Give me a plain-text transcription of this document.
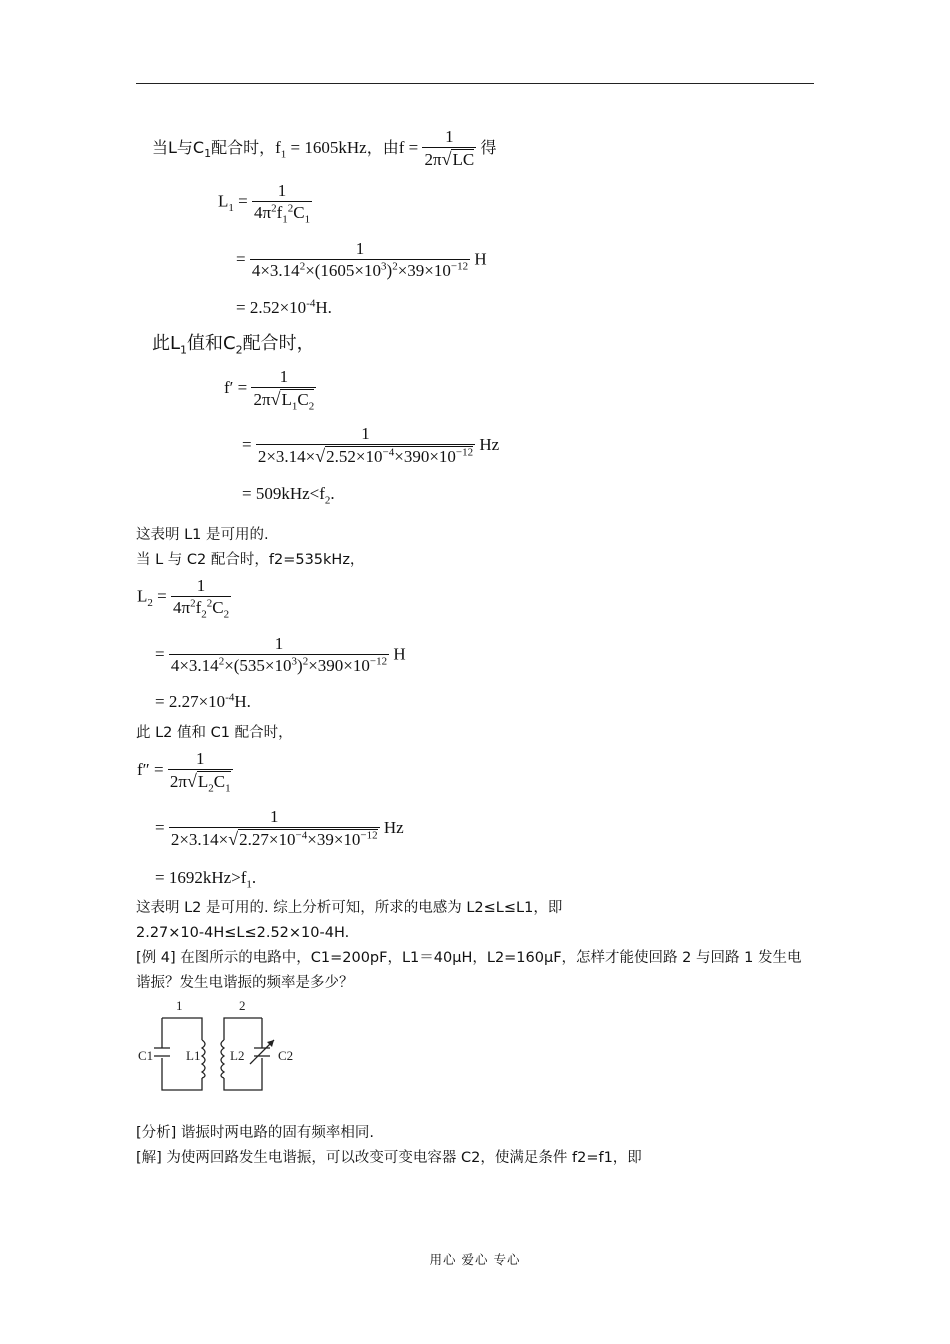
当L与$C_1$配合时，$f_1 = 1605kHz$，由$f = \frac{1}{2\pi√LC}$ 得
$L_1 = \frac{1}{4\pi^2f_1^2C_1}$
= $\frac{1}{4\times 3.14^2\times(1605\times 10^3)^2\times 39\times 10^{-12}}$ H
= $2.52\times 10^{-4}H$.
此$L_1$值和$C_2$配合时，
$f' = \frac{1}{2\pi√L_1C_2}$
= $\frac{1}{2\times 3.14\times√2.52\times 10^{-4}\times 390\times 10^{-12}}$ Hz
= $509kHz<f_2$.
这表明 L1 是可用的.
当 L 与 C2 配合时，f2=535kHz，
$L_2 = \frac{1}{4\pi^2f_2^2C_2}$
= $\frac{1}{4\times 3.14^2\times(535\times 10^3)^2\times 390\times 10^{-12}}$ H
= $2.27\times 10^{-4}H$.
此 L2 值和 C1 配合时，
$f'' = \frac{1}{2\pi√L_2C_1}$
= $\frac{1}{2\times 3.14\times√2.27\times 10^{-4}\times 39\times 10^{-12}}$ Hz
= $1692kHz>f_1$.
这表明 L2 是可用的. 综上分析可知，所求的电感为 L2≤L≤L1，即
2.27×10-4H≤L≤2.52×10-4H.
[例 4] 在图所示的电路中，C1=200pF，L1＝40μH，L2=160μF，怎样才能使回路 2 与回路 1 发生电
谐振？发生电谐振的频率是多少？
1	2
C1	L1 L2	C2
[分析] 谐振时两电路的固有频率相同.
[解] 为使两回路发生电谐振，可以改变可变电容器 C2，使满足条件 f2=f1，即
用心 爱心 专心
